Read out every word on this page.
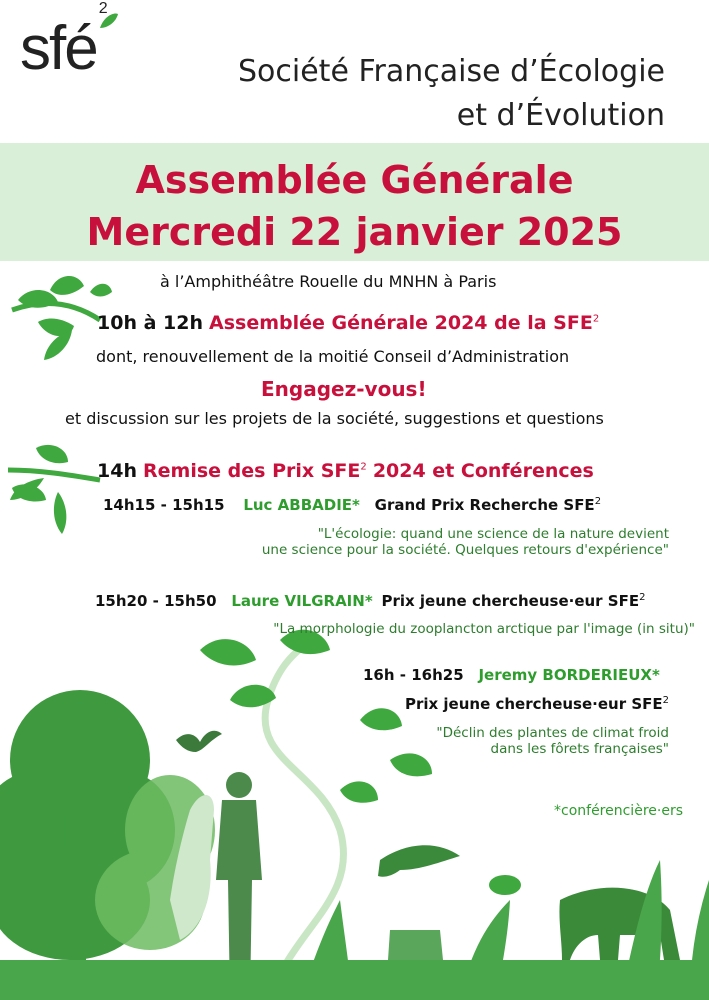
sfé$^2$
Société Française d’Écologie
et d’Évolution
Assemblée Générale
Mercredi 22 janvier 2025
à l’Amphithéâtre Rouelle du MNHN à Paris
10h à 12h Assemblée Générale 2024 de la SFE$^2$
dont, renouvellement de la moitié Conseil d’Administration
Engagez-vous!
et discussion sur les projets de la société, suggestions et questions
14h Remise des Prix SFE$^2$ 2024 et Conférences
14h15 - 15h15 Luc ABBADIE* Grand Prix Recherche SFE$^2$
"L'écologie: quand une science de la nature devient
une science pour la société. Quelques retours d'expérience"
15h20 - 15h50 Laure VILGRAIN* Prix jeune chercheuse·eur SFE$^2$
"La morphologie du zooplancton arctique par l'image (in situ)"
16h - 16h25 Jeremy BORDERIEUX*
Prix jeune chercheuse·eur SFE$^2$
"Déclin des plantes de climat froid
dans les fôrets françaises"
*conférencière·ers
